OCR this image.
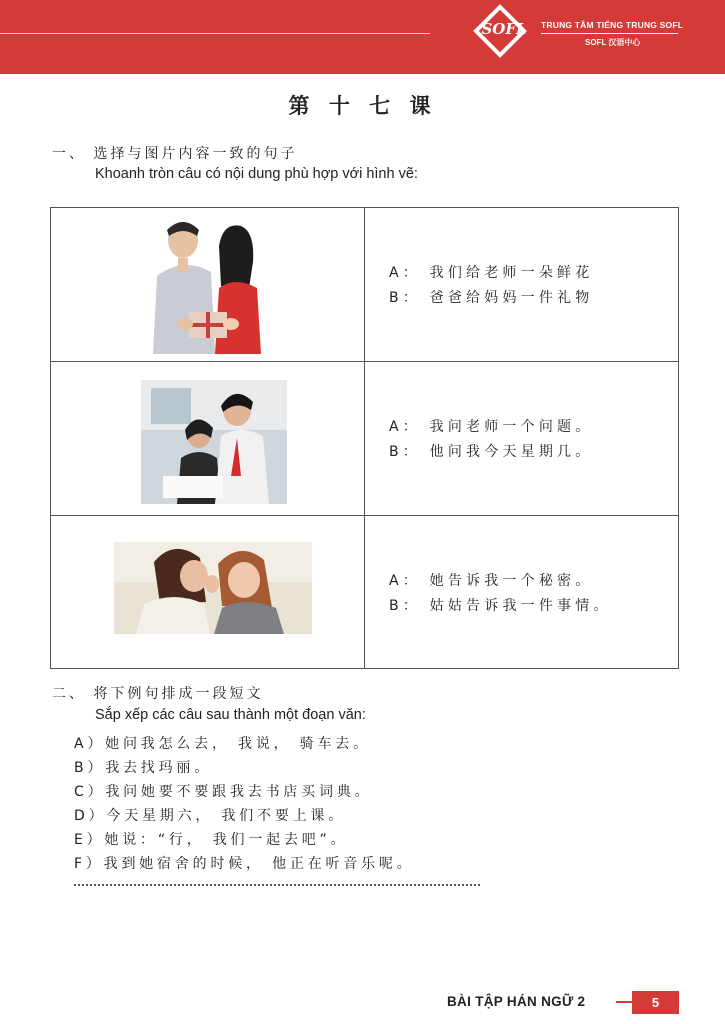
SOFL	TRUNG TÂM TIẾNG TRUNG SOFL
SOFL 汉语中心
第 十 七 课
一、 选择与图片内容一致的句子
Khoanh tròn câu có nội dung phù hợp với hình vẽ:
A： 我们给老师一朵鲜花
B： 爸爸给妈妈一件礼物
A： 我问老师一个问题。
B： 他问我今天星期几。
A： 她告诉我一个秘密。
B： 姑姑告诉我一件事情。
二、 将下例句排成一段短文
Sắp xếp các câu sau thành một đoạn văn:
A）她问我怎么去， 我说， 骑车去。
B）我去找玛丽。
C）我问她要不要跟我去书店买词典。
D）今天星期六， 我们不要上课。
E）她说：“行， 我们一起去吧”。
F）我到她宿舍的时候， 他正在听音乐呢。
BÀI TẬP HÁN NGỮ 2	5
